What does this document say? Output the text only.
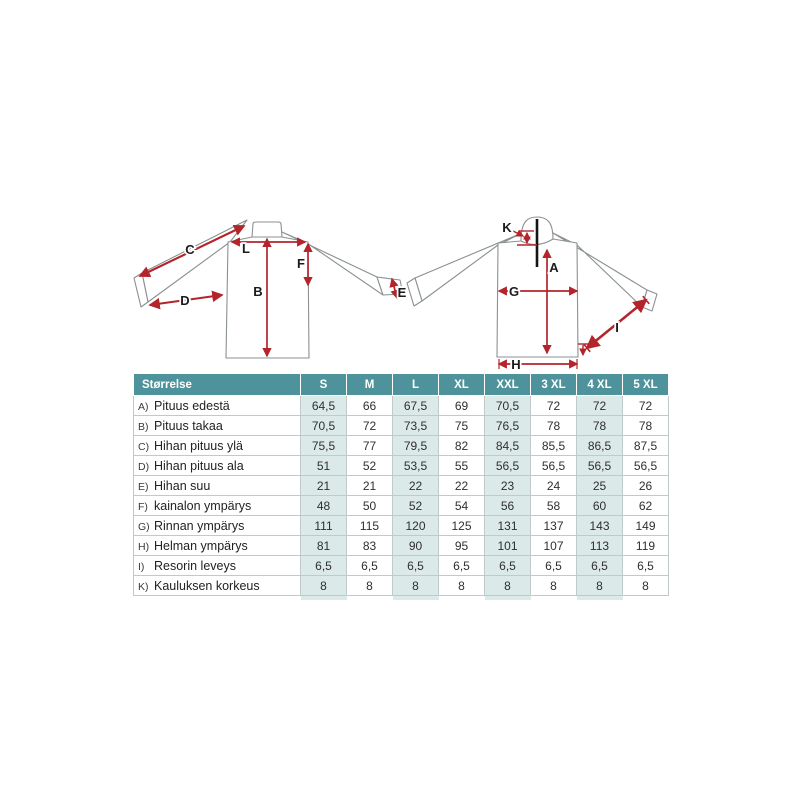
C	L
B
F
D
E
K
A
G
H
I
Størrelse	S	M	L	XL	XXL	3 XL	4 XL	5 XL
A) Pituus edestä	64,5	66	67,5	69	70,5	72	72	72
B) Pituus takaa	70,5	72	73,5	75	76,5	78	78	78
C) Hihan pituus ylä	75,5	77	79,5	82	84,5	85,5	86,5	87,5
D) Hihan pituus ala	51	52	53,5	55	56,5	56,5	56,5	56,5
E) Hihan suu	21	21	22	22	23	24	25	26
F) kainalon ympärys	48	50	52	54	56	58	60	62
G) Rinnan ympärys	111	115	120	125	131	137	143	149
H) Helman ympärys	81	83	90	95	101	107	113	119
I) Resorin leveys	6,5	6,5	6,5	6,5	6,5	6,5	6,5	6,5
K) Kauluksen korkeus	8	8	8	8	8	8	8	8
